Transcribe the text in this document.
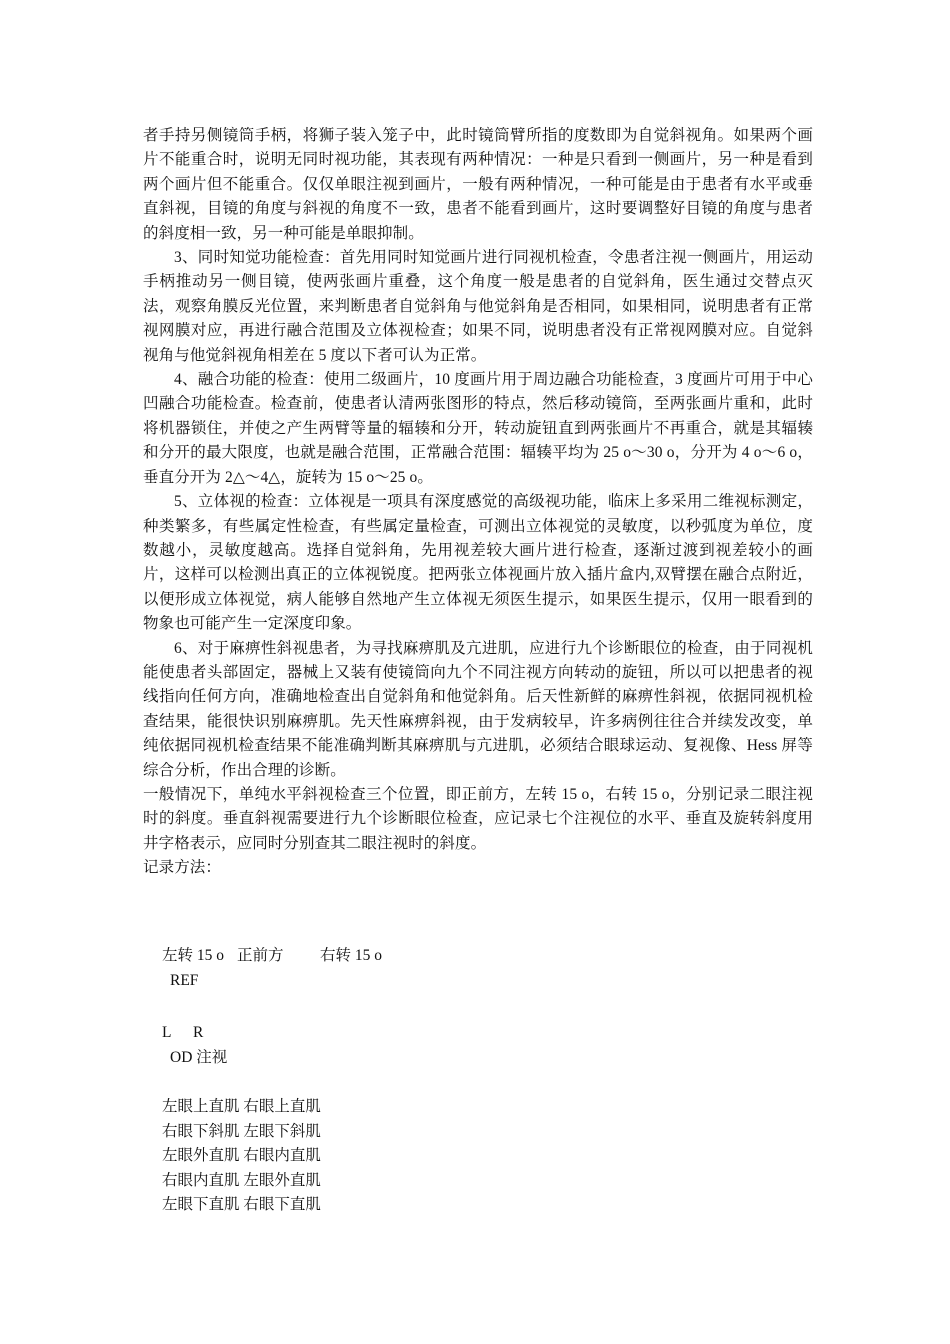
者手持另侧镜筒手柄，将狮子装入笼子中，此时镜筒臂所指的度数即为自觉斜视角。如果两个画片不能重合时，说明无同时视功能，其表现有两种情况：一种是只看到一侧画片，另一种是看到两个画片但不能重合。仅仅单眼注视到画片，一般有两种情况，一种可能是由于患者有水平或垂直斜视，目镜的角度与斜视的角度不一致，患者不能看到画片，这时要调整好目镜的角度与患者的斜度相一致，另一种可能是单眼抑制。

3、同时知觉功能检查：首先用同时知觉画片进行同视机检查，令患者注视一侧画片，用运动手柄推动另一侧目镜，使两张画片重叠，这个角度一般是患者的自觉斜角，医生通过交替点灭法，观察角膜反光位置，来判断患者自觉斜角与他觉斜角是否相同，如果相同，说明患者有正常视网膜对应，再进行融合范围及立体视检查；如果不同，说明患者没有正常视网膜对应。自觉斜视角与他觉斜视角相差在 5 度以下者可认为正常。

4、融合功能的检查：使用二级画片，10 度画片用于周边融合功能检查，3 度画片可用于中心凹融合功能检查。检查前，使患者认清两张图形的特点，然后移动镜筒，至两张画片重和，此时将机器锁住，并使之产生两臂等量的辐辏和分开，转动旋钮直到两张画片不再重合，就是其辐辏和分开的最大限度，也就是融合范围，正常融合范围：辐辏平均为 25 o～30 o，分开为 4 o～6 o，垂直分开为 2△～4△，旋转为 15 o～25 o。

5、立体视的检查：立体视是一项具有深度感觉的高级视功能，临床上多采用二维视标测定，种类繁多，有些属定性检查，有些属定量检查，可测出立体视觉的灵敏度，以秒弧度为单位，度数越小，灵敏度越高。选择自觉斜角，先用视差较大画片进行检查，逐渐过渡到视差较小的画片，这样可以检测出真正的立体视锐度。把两张立体视画片放入插片盒内,双臂摆在融合点附近，以便形成立体视觉，病人能够自然地产生立体视无须医生提示，如果医生提示，仅用一眼看到的物象也可能产生一定深度印象。

6、对于麻痹性斜视患者，为寻找麻痹肌及亢进肌，应进行九个诊断眼位的检查，由于同视机能使患者头部固定，器械上又装有使镜筒向九个不同注视方向转动的旋钮，所以可以把患者的视线指向任何方向，准确地检查出自觉斜角和他觉斜角。后天性新鲜的麻痹性斜视，依据同视机检查结果，能很快识别麻痹肌。先天性麻痹斜视，由于发病较早，许多病例往往合并续发改变，单纯依据同视机检查结果不能准确判断其麻痹肌与亢进肌，必须结合眼球运动、复视像、Hess 屏等综合分析，作出合理的诊断。

一般情况下，单纯水平斜视检查三个位置，即正前方，左转 15 o，右转 15 o，分别记录二眼注视时的斜度。垂直斜视需要进行九个诊断眼位检查，应记录七个注视位的水平、垂直及旋转斜度用井字格表示，应同时分别查其二眼注视时的斜度。

记录方法：

左转 15 o 正前方 右转 15 o
REF
L R
OD 注视
左眼上直肌 右眼上直肌
右眼下斜肌 左眼下斜肌
左眼外直肌 右眼内直肌
右眼内直肌 左眼外直肌
左眼下直肌 右眼下直肌
